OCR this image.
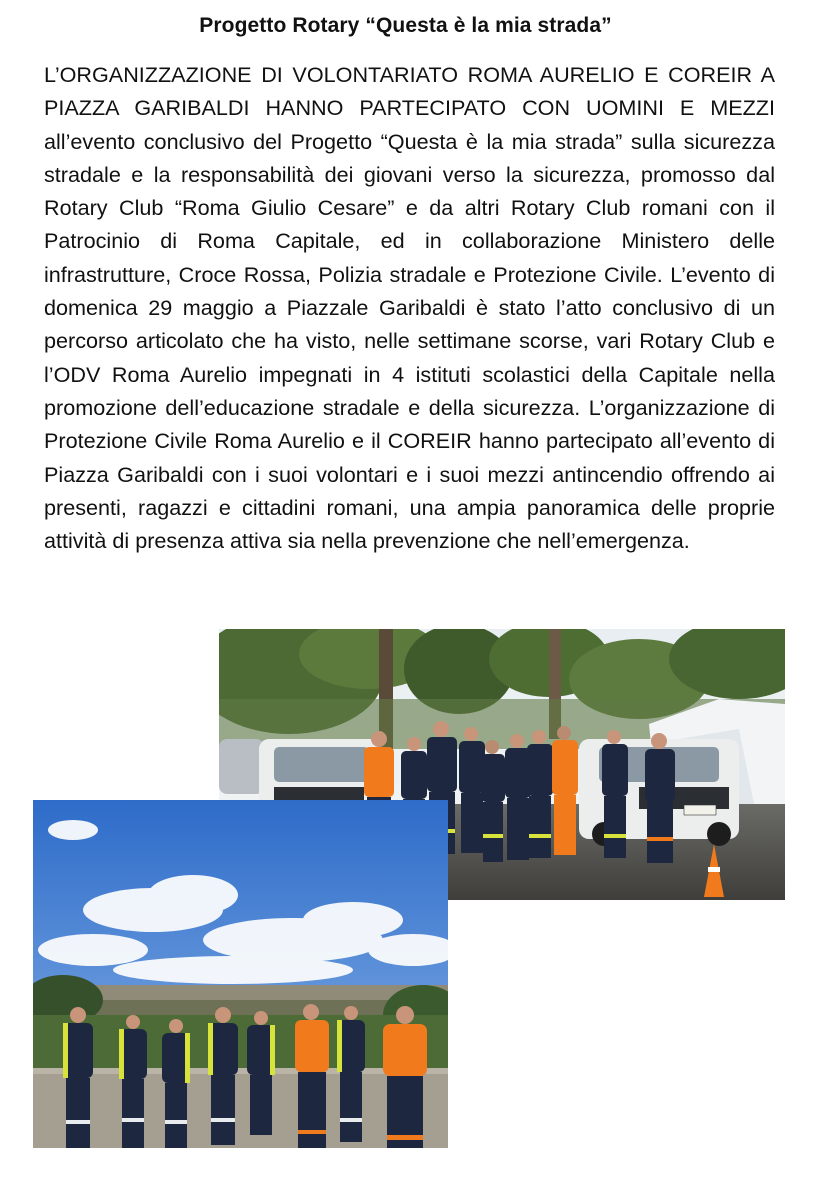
Progetto Rotary “Questa è la mia strada”

L’ORGANIZZAZIONE DI VOLONTARIATO ROMA AURELIO E COREIR A PIAZZA GARIBALDI HANNO PARTECIPATO CON UOMINI E MEZZI all’evento conclusivo del Progetto “Questa è la mia strada” sulla sicurezza stradale e la responsabilità dei giovani verso la sicurezza, promosso dal Rotary Club “Roma Giulio Cesare” e da altri Rotary Club romani con il Patrocinio di Roma Capitale, ed in collaborazione Ministero delle infrastrutture, Croce Rossa, Polizia stradale e Protezione Civile. L’evento di domenica 29 maggio a Piazzale Garibaldi è stato l’atto conclusivo di un percorso articolato che ha visto, nelle settimane scorse, vari Rotary Club e l’ODV Roma Aurelio impegnati in 4 istituti scolastici della Capitale nella promozione dell’educazione stradale e della sicurezza. L’organizzazione di Protezione Civile Roma Aurelio e il COREIR hanno partecipato all’evento di Piazza Garibaldi con i suoi volontari e i suoi mezzi antincendio offrendo ai presenti, ragazzi e cittadini romani, una ampia panoramica delle proprie attività di presenza attiva sia nella prevenzione che nell’emergenza.
